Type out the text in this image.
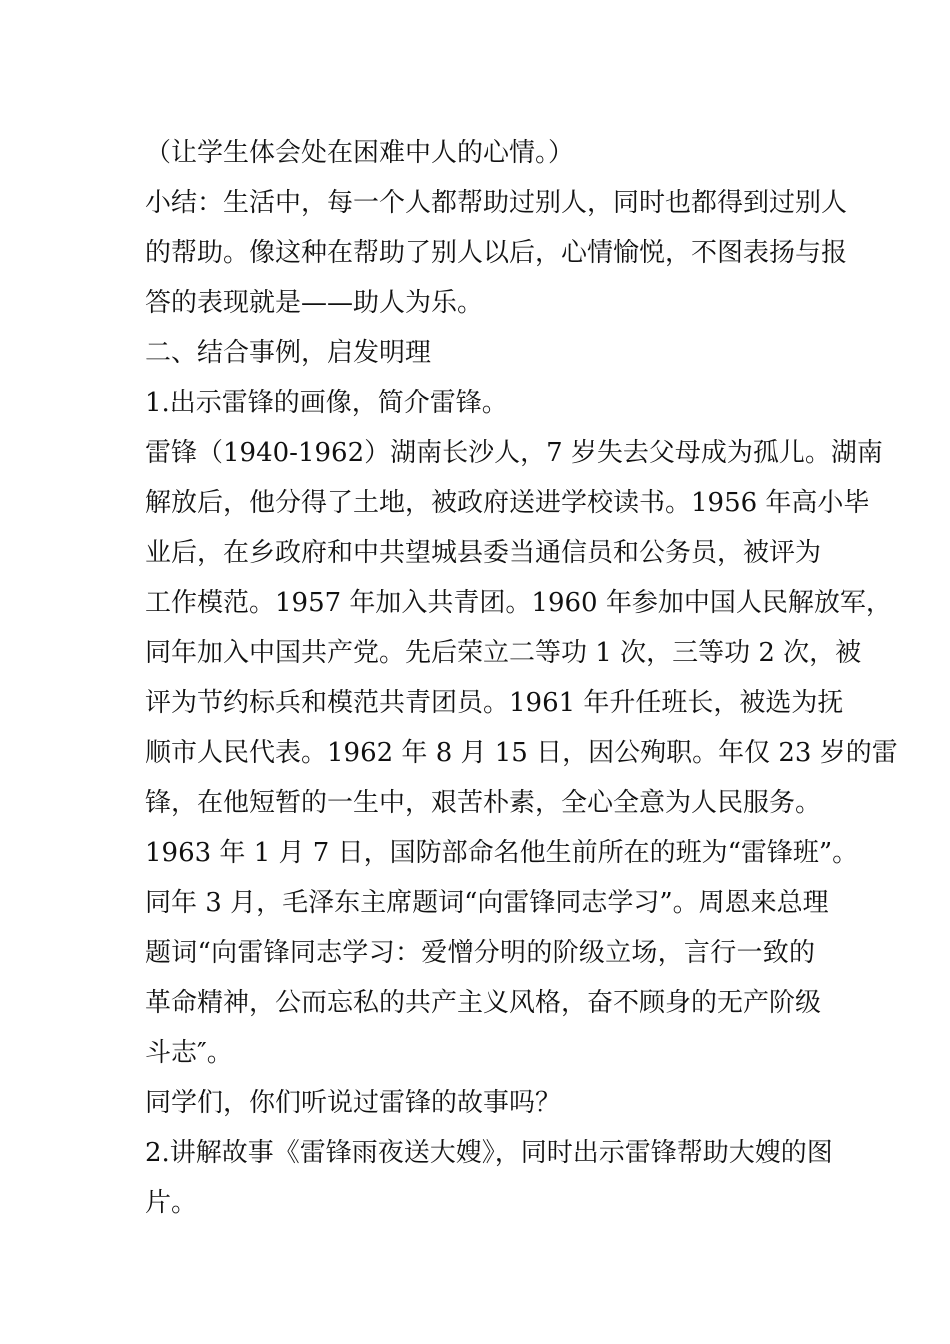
（让学生体会处在困难中人的心情。）
小结：生活中，每一个人都帮助过别人，同时也都得到过别人
的帮助。像这种在帮助了别人以后，心情愉悦，不图表扬与报
答的表现就是——助人为乐。
二、结合事例，启发明理
1.出示雷锋的画像，简介雷锋。
雷锋（1940-1962）湖南长沙人，7 岁失去父母成为孤儿。湖南
解放后，他分得了土地，被政府送进学校读书。1956 年高小毕
业后，在乡政府和中共望城县委当通信员和公务员，被评为
工作模范。1957 年加入共青团。1960 年参加中国人民解放军，
同年加入中国共产党。先后荣立二等功 1 次，三等功 2 次，被
评为节约标兵和模范共青团员。1961 年升任班长，被选为抚
顺市人民代表。1962 年 8 月 15 日，因公殉职。年仅 23 岁的雷
锋，在他短暂的一生中，艰苦朴素，全心全意为人民服务。
1963 年 1 月 7 日，国防部命名他生前所在的班为“雷锋班”。
同年 3 月，毛泽东主席题词“向雷锋同志学习”。周恩来总理
题词“向雷锋同志学习：爱憎分明的阶级立场，言行一致的
革命精神，公而忘私的共产主义风格，奋不顾身的无产阶级
斗志″。
同学们，你们听说过雷锋的故事吗？
2.讲解故事《雷锋雨夜送大嫂》，同时出示雷锋帮助大嫂的图
片。
